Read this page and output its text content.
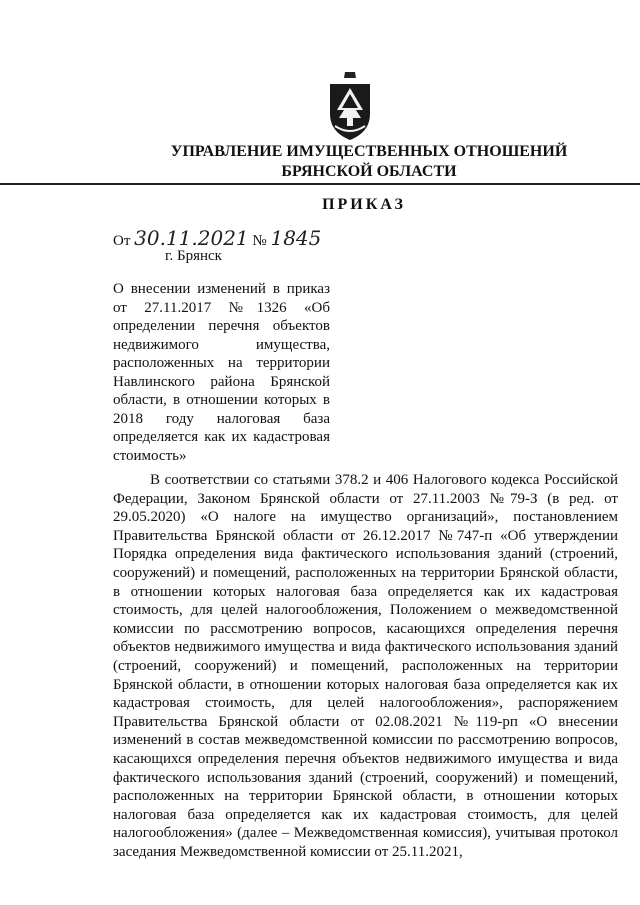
УПРАВЛЕНИЕ ИМУЩЕСТВЕННЫХ ОТНОШЕНИЙ
БРЯНСКОЙ ОБЛАСТИ
ПРИКАЗ
От 30.11.2021 № 1845
г. Брянск
О внесении изменений в приказ от 27.11.2017 №1326 «Об определении перечня объектов недвижимого имущества, расположенных на территории Навлинского района Брянской области, в отношении которых в 2018 году налоговая база определяется как их кадастровая стоимость»
В соответствии со статьями 378.2 и 406 Налогового кодекса Российской Федерации, Законом Брянской области от 27.11.2003 №79-З (в ред. от 29.05.2020) «О налоге на имущество организаций», постановлением Правительства Брянской области от 26.12.2017 №747-п «Об утверждении Порядка определения вида фактического использования зданий (строений, сооружений) и помещений, расположенных на территории Брянской области, в отношении которых налоговая база определяется как их кадастровая стоимость, для целей налогообложения, Положением о межведомственной комиссии по рассмотрению вопросов, касающихся определения перечня объектов недвижимого имущества и вида фактического использования зданий (строений, сооружений) и помещений, расположенных на территории Брянской области, в отношении которых налоговая база определяется как их кадастровая стоимость, для целей налогообложения», распоряжением Правительства Брянской области от 02.08.2021 №119-рп «О внесении изменений в состав межведомственной комиссии по рассмотрению вопросов, касающихся определения перечня объектов недвижимого имущества и вида фактического использования зданий (строений, сооружений) и помещений, расположенных на территории Брянской области, в отношении которых налоговая база определяется как их кадастровая стоимость, для целей налогообложения» (далее – Межведомственная комиссия), учитывая протокол заседания Межведомственной комиссии от 25.11.2021,
